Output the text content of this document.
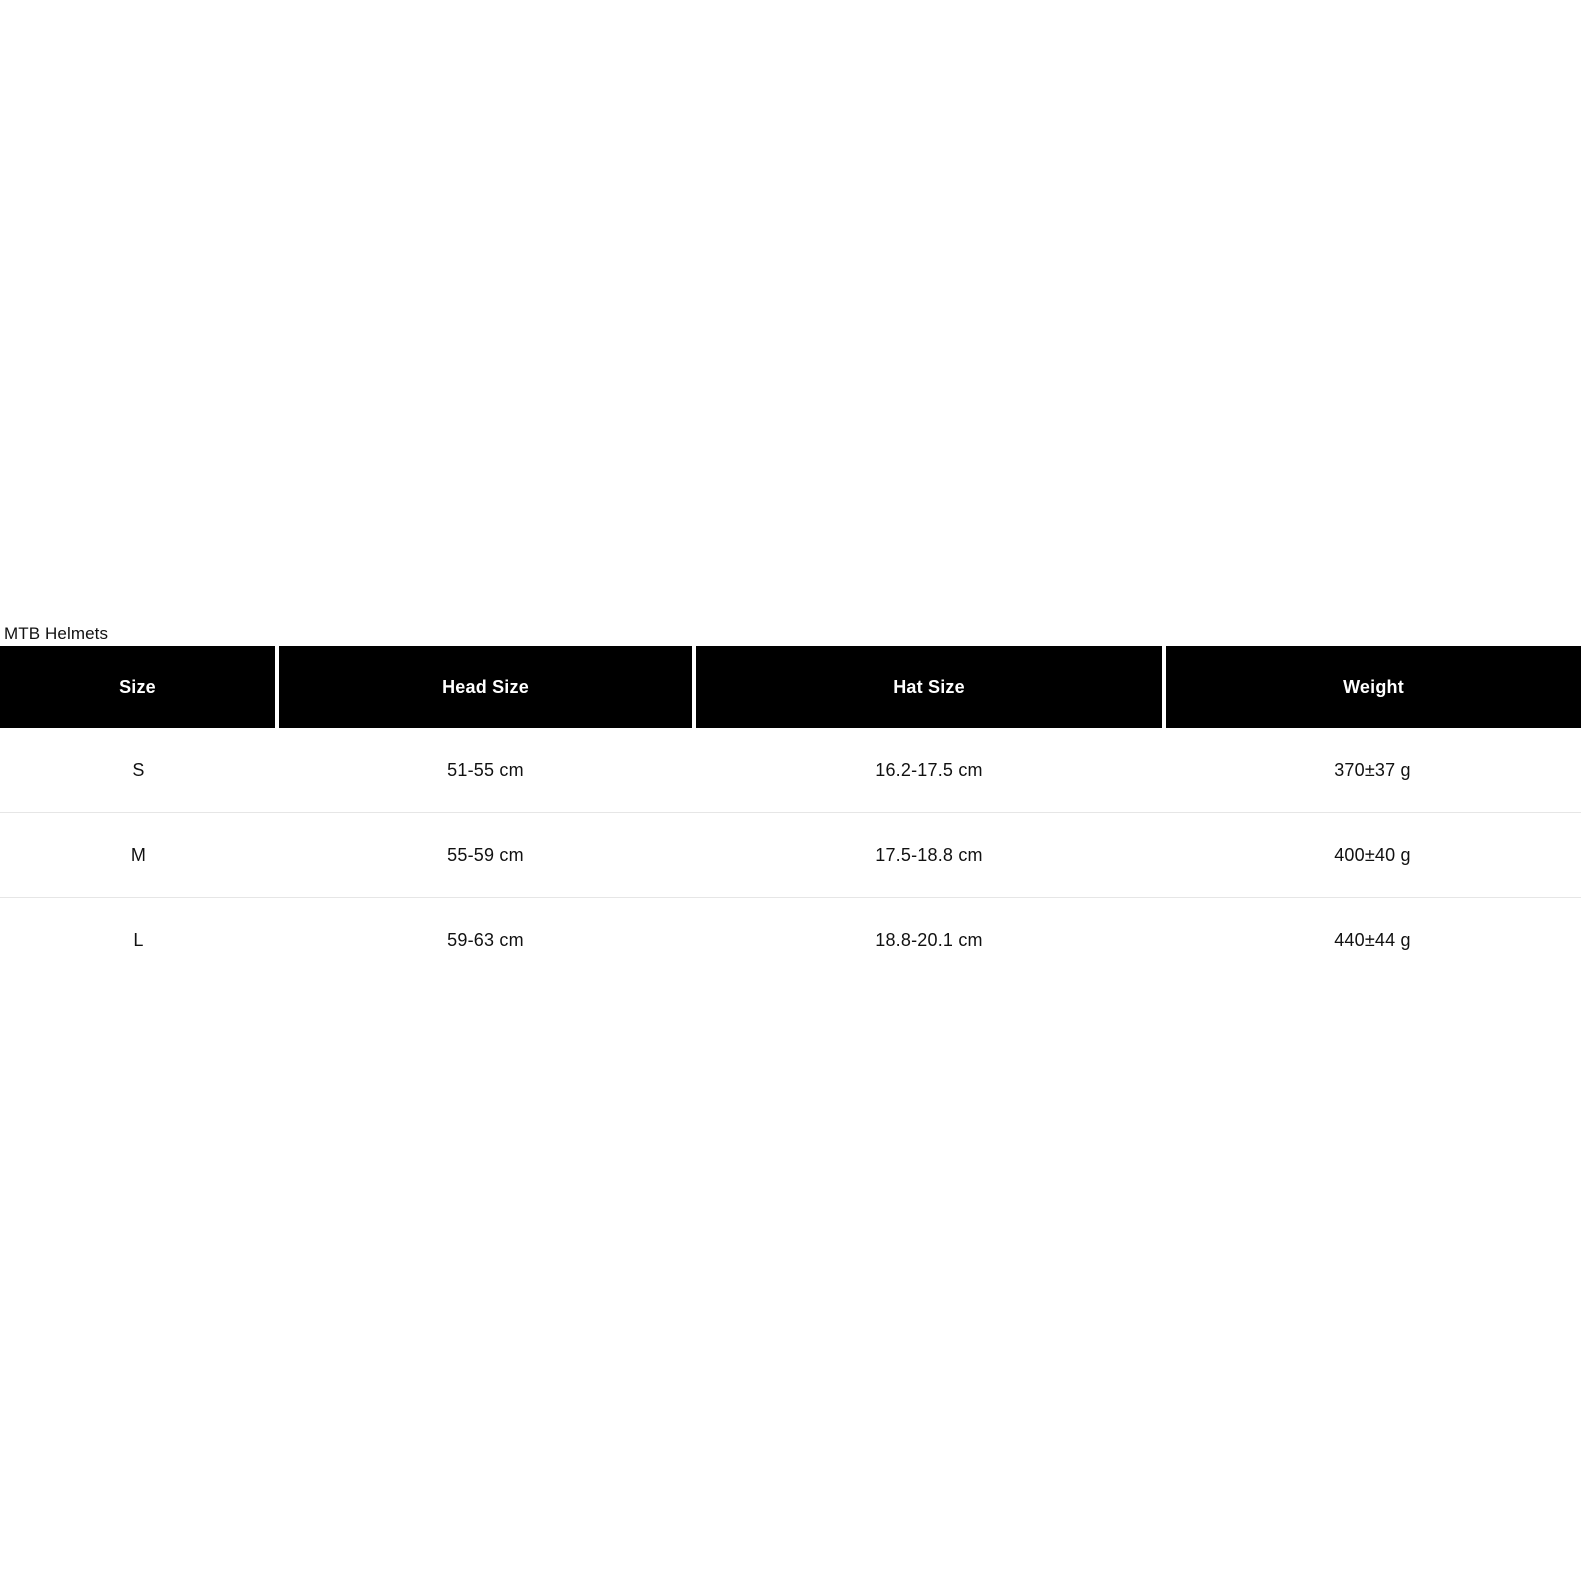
MTB Helmets
Size	Head Size	Hat Size	Weight
S	51-55 cm	16.2-17.5 cm	370±37 g
M	55-59 cm	17.5-18.8 cm	400±40 g
L	59-63 cm	18.8-20.1 cm	440±44 g
